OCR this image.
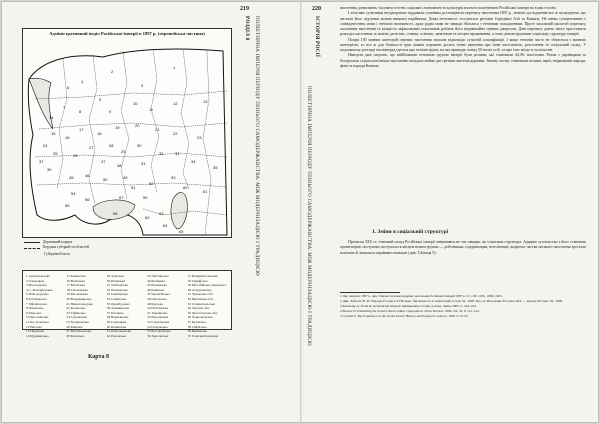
Адміністративний поділ Російської імперії в 1897 р. (європейська частина)
1
2
3
4
5
6
7
8	9
10
11
12	13
14
15
16
17
18
19	20
21
22
23
24
25	26
27	28
29
30
31
32	33
34
35
37
39
45	46
47
48
49
50
51
52
53
54
55
56	57
58
59
60
61
62
63
64
65
Державний кордон
Кордони губерній та областей
Губернія/область
1 Архангельська
2 Олонецька
3 Вологодська
4 С.-Петербурзька
5 Новгородська
6 Естляндська
7 Ліфляндська
8 Псковська
9 Тверська
10 Ярославська
11 Костромська
12 Вятська
13 Пермська
14 Курляндська
15 Ковенська
16 Віленська
17 Вітебська
18 Смоленська
19 Московська
20 Владимирська
21 Нижегородська
22 Казанська
23 Уфимська
24 Сувалкська
25 Гродненська
26 Мінська
27 Могильовська
28 Калузька
29 Тульська
30 Рязанська
31 Тамбовська
32 Пензенська
33 Симбірська
34 Самарська
35 Оренбурзька
36 Ломжинська
37 Плоцька
38 Варшавська
39 Седлецька
40 Калішська
41 Петроковська
42 Радомська
43 Люблінська
44 Келецька
45 Волинська
46 Київська
47 Чернігівська
48 Орловська
49 Курська
50 Полтавська
51 Харківська
52 Воронезька
53 Саратовська
54 Подільська
55 Бессарабська
56 Херсонська
57 Катеринославська
58 Таврійська
59 Обл. Війська Донського
60 Астраханська
61 Уральська обл.
62 Кубанська обл.
63 Ставропольська
64 Терська обл.
65 Дагестанська обл.
66 Чорноморська
67 Кутаїська
68 Тифліська
69 Бакинська
70 Єлисаветпольська
Карта 8
219
РОЗДІЛ 8 ПОЛІЕТНІЧНА ІМПЕРІЯ ПЕРІОДУ ПІЗНЬОГО САМОДЕРЖАВСТВА: МІЖ МОДЕРНІЗАЦІЄЮ І ТРАДИЦІЄЮ
220
ІСТОРІЯ РОСІЇ
ПОЛІЕТНІЧНА ІМПЕРІЯ ПЕРІОДУ ПІЗНЬОГО САМОДЕРЖАВСТВА: МІЖ МОДЕРНІЗАЦІЄЮ І ТРАДИЦІЄЮ

населення дозволяють з'ясувати істотні соціальні, економічні та культурні аспекти поліетнічної Російської імперії на зламі століть.

І хоча вже сучасники неодноразово піддавали сумнівам достовірність перепису населення 1897 р., новітні дослідження все ж засвідчують, що загалом його підсумки можна вважати надійними. Деякі неточності стосуються регіонів Середньої Азії та Кавказу. Не менш суперечливим є співвіднесення мови і етнічної належності, адже рідна мова не завжди збігалася з етнічним походженням. Проте загальний масштаб перепису, охоплення населення та кількість зафіксованих показників роблять його надзвичайно цінним джерелом. Дані перепису дають змогу простежити розподіл населення за мовою, релігією, станом, освітою, заняттями та місцем проживання, а отже, реконструювати соціальну структуру імперії.

Попри 130 мовних категорій перепис населення загалом відповідає сучасній класифікації. І якщо етнонім часто не збігається з мовною категорією, то все ж для більшості груп можна отримати досить точне уявлення про їхню чисельність, розселення та соціальний склад. У подальшому розгляді насамперед ідеться про етнічні групи, на які припадає понад 50 тисяч осіб, та про їхнє місце в суспільстві.

Наведені дані свідчать, що найбільшою етнічною групою імперії були росіяни, які становили 44,3% населення. Разом з українцями та білорусами східнослов'янське населення складало майже дві третини жителів держави. Значну частку становили поляки, євреї, тюркомовні народи, фіни та народи Кавказу.

1. Зміни в соціальній структурі

Протягом XIX ст. етнічний склад Російської імперії змінювався не так швидко, як соціальна структура. Аграрне суспільство з його становою організацією поступово поступалося місцем новим групам — робітникам, підприємцям, інтелігенції; водночас частка міського населення зростала повільно й лишалася порівняно низькою (див. Таблиця 5).

1 Про перепис 1897 р. див.: Перша загальна перепис населення Російської імперії 1897 р. Т. 1–89. СПб., 1899–1905.

2 Див.: Кабузан В. М. Народы России в XVIII веке. Численность и этнический состав. М., 1990; його ж: Население России в XIX — начале XX века. М., 1990.

3 Каппелер А. Росія як поліетнічна імперія: виникнення, історія, розпад. Львів, 2005. С. 219–224.

4 Brower D. Estimating the Soviet Union's ethnic composition. Slavic Review. 1984. Vol. 43. P. 112–124.

5 Lorimer F. The Population of the Soviet Union: History and Prospects. Geneva, 1946. P. 55–67.
